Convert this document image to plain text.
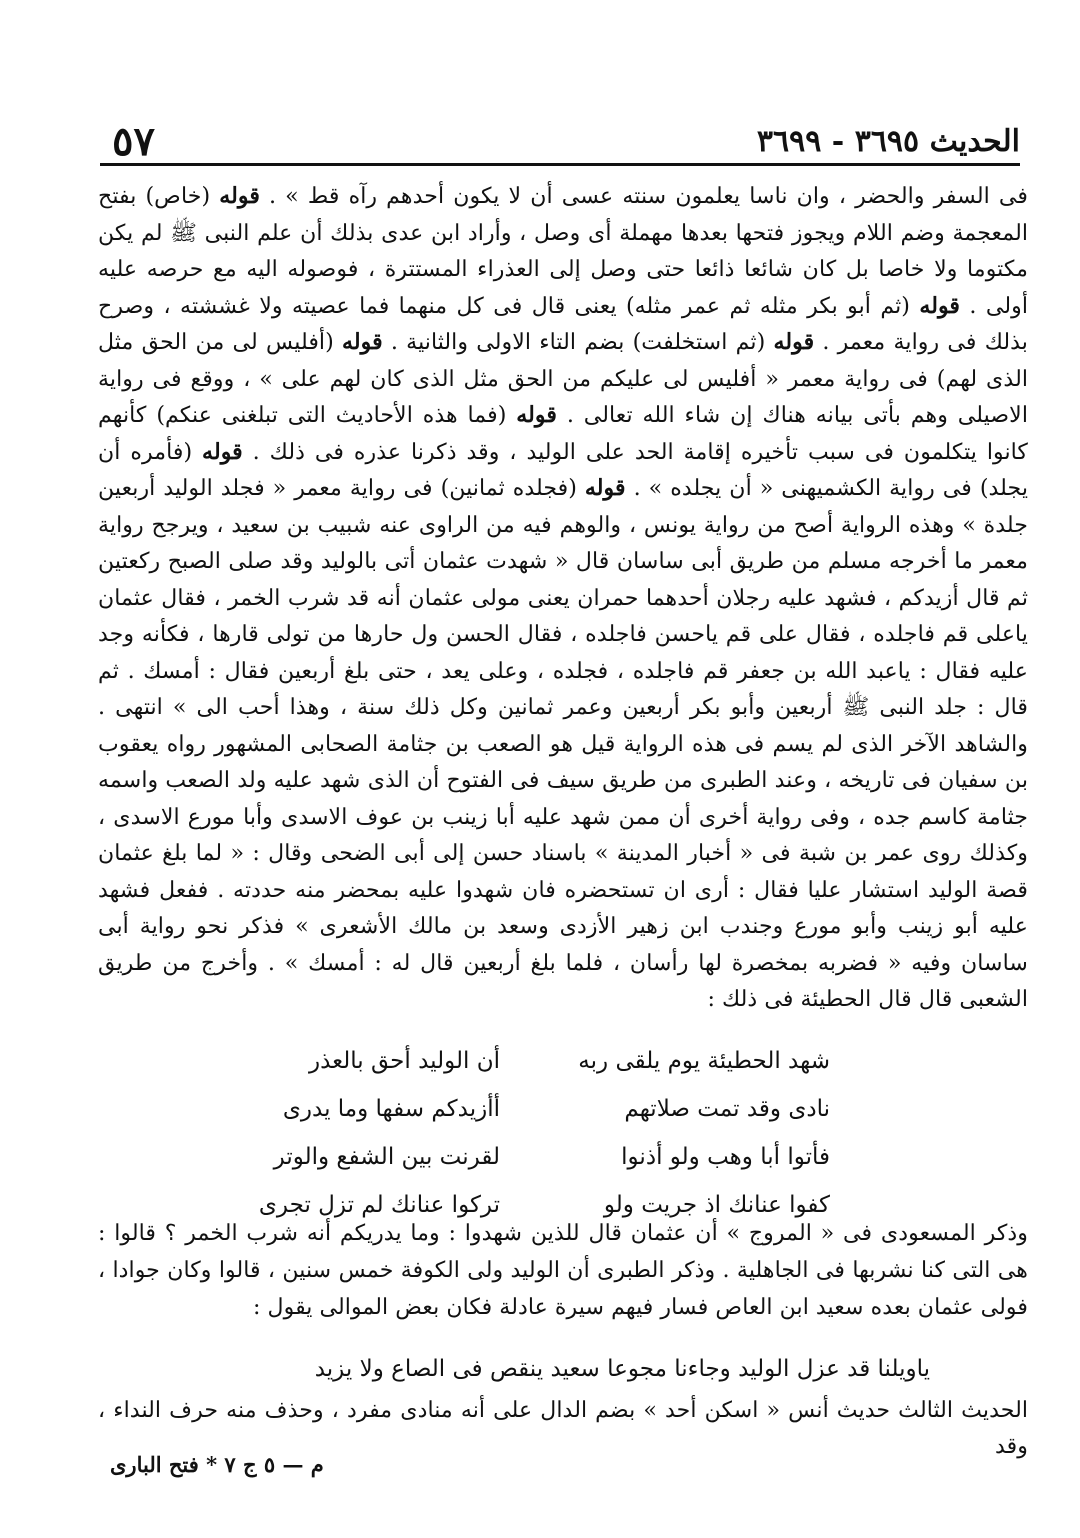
الحديث ٣٦٩٥ - ٣٦٩٩
٥٧

فى السفر والحضر ، وان ناسا يعلمون سنته عسى أن لا يكون أحدهم رآه قط » . قوله (خاص) بفتح المعجمة وضم اللام ويجوز فتحها بعدها مهملة أى وصل ، وأراد ابن عدى بذلك أن علم النبى ﷺ لم يكن مكتوما ولا خاصا بل كان شائعا ذائعا حتى وصل إلى العذراء المستترة ، فوصوله اليه مع حرصه عليه أولى . قوله (ثم أبو بكر مثله ثم عمر مثله) يعنى قال فى كل منهما فما عصيته ولا غششته ، وصرح بذلك فى رواية معمر . قوله (ثم استخلفت) بضم التاء الاولى والثانية . قوله (أفليس لى من الحق مثل الذى لهم) فى رواية معمر « أفليس لى عليكم من الحق مثل الذى كان لهم على » ، ووقع فى رواية الاصيلى وهم بأتى بيانه هناك إن شاء الله تعالى . قوله (فما هذه الأحاديث التى تبلغنى عنكم) كأنهم كانوا يتكلمون فى سبب تأخيره إقامة الحد على الوليد ، وقد ذكرنا عذره فى ذلك . قوله (فأمره أن يجلد) فى رواية الكشميهنى « أن يجلده » . قوله (فجلده ثمانين) فى رواية معمر « فجلد الوليد أربعين جلدة » وهذه الرواية أصح من رواية يونس ، والوهم فيه من الراوى عنه شبيب بن سعيد ، ويرجح رواية معمر ما أخرجه مسلم من طريق أبى ساسان قال « شهدت عثمان أتى بالوليد وقد صلى الصبح ركعتين ثم قال أزيدكم ، فشهد عليه رجلان أحدهما حمران يعنى مولى عثمان أنه قد شرب الخمر ، فقال عثمان ياعلى قم فاجلده ، فقال على قم ياحسن فاجلده ، فقال الحسن ول حارها من تولى قارها ، فكأنه وجد عليه فقال : ياعبد الله بن جعفر قم فاجلده ، فجلده ، وعلى يعد ، حتى بلغ أربعين فقال : أمسك . ثم قال : جلد النبى ﷺ أربعين وأبو بكر أربعين وعمر ثمانين وكل ذلك سنة ، وهذا أحب الى » انتهى . والشاهد الآخر الذى لم يسم فى هذه الرواية قيل هو الصعب بن جثامة الصحابى المشهور رواه يعقوب بن سفيان فى تاريخه ، وعند الطبرى من طريق سيف فى الفتوح أن الذى شهد عليه ولد الصعب واسمه جثامة كاسم جده ، وفى رواية أخرى أن ممن شهد عليه أبا زينب بن عوف الاسدى وأبا مورع الاسدى ، وكذلك روى عمر بن شبة فى « أخبار المدينة » باسناد حسن إلى أبى الضحى وقال : « لما بلغ عثمان قصة الوليد استشار عليا فقال : أرى ان تستحضره فان شهدوا عليه بمحضر منه حددته . ففعل فشهد عليه أبو زينب وأبو مورع وجندب ابن زهير الأزدى وسعد بن مالك الأشعرى » فذكر نحو رواية أبى ساسان وفيه « فضربه بمخصرة لها رأسان ، فلما بلغ أربعين قال له : أمسك » . وأخرج من طريق الشعبى قال قال الحطيئة فى ذلك :

شهد الحطيئة يوم يلقى ربه
أن الوليد أحق بالعذر
نادى وقد تمت صلاتهم
أأزيدكم سفها وما يدرى
فأتوا أبا وهب ولو أذنوا
لقرنت بين الشفع والوتر
كفوا عنانك اذ جريت ولو
تركوا عنانك لم تزل تجرى
وذكر المسعودى فى « المروج » أن عثمان قال للذين شهدوا : وما يدريكم أنه شرب الخمر ؟ قالوا : هى التى كنا نشربها فى الجاهلية . وذكر الطبرى أن الوليد ولى الكوفة خمس سنين ، قالوا وكان جوادا ، فولى عثمان بعده سعيد ابن العاص فسار فيهم سيرة عادلة فكان بعض الموالى يقول :
ياويلنا قد عزل الوليد وجاءنا مجوعا سعيد ينقص فى الصاع ولا يزيد
الحديث الثالث حديث أنس « اسكن أحد » بضم الدال على أنه منادى مفرد ، وحذف منه حرف النداء ، وقد
م — ٥ ج ٧ * فتح البارى
